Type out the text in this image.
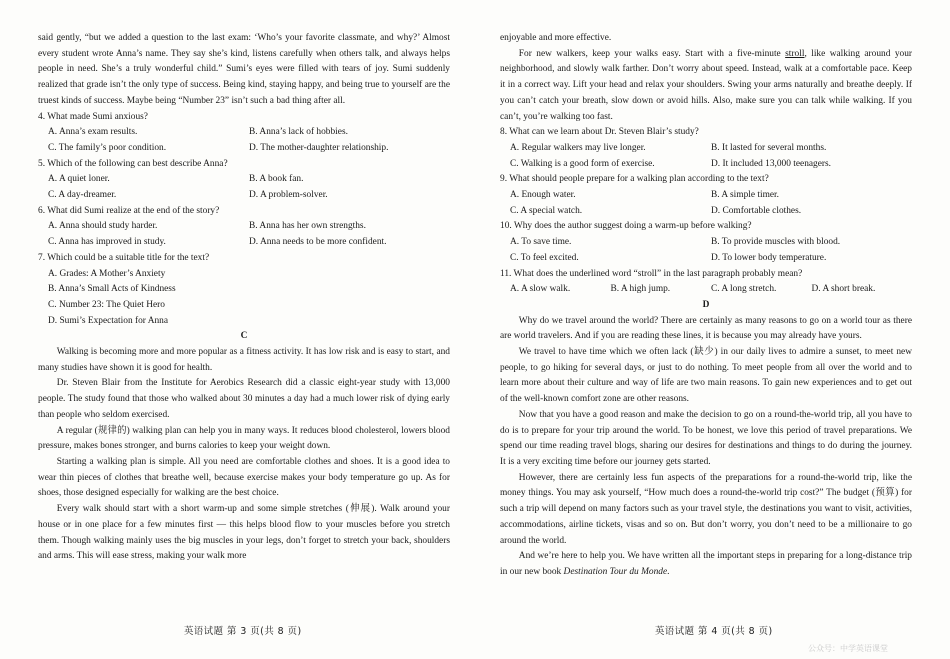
said gently, “but we added a question to the last exam: ‘Who’s your favorite classmate, and why?’ Almost every student wrote Anna’s name. They say she’s kind, listens carefully when others talk, and always helps people in need. She’s a truly wonderful child.” Sumi’s eyes were filled with tears of joy. Sumi suddenly realized that grade isn’t the only type of success. Being kind, staying happy, and being true to yourself are the truest kinds of success. Maybe being “Number 23” isn’t such a bad thing after all.

4. What made Sumi anxious?

A. Anna’s exam results.	B. Anna’s lack of hobbies.
C. The family’s poor condition.	D. The mother-daughter relationship.

5. Which of the following can best describe Anna?

A. A quiet loner.	B. A book fan.
C. A day-dreamer.	D. A problem-solver.

6. What did Sumi realize at the end of the story?

A. Anna should study harder.	B. Anna has her own strengths.
C. Anna has improved in study.	D. Anna needs to be more confident.

7. Which could be a suitable title for the text?

A. Grades: A Mother’s Anxiety
B. Anna’s Small Acts of Kindness
C. Number 23: The Quiet Hero
D. Sumi’s Expectation for Anna

C

Walking is becoming more and more popular as a fitness activity. It has low risk and is easy to start, and many studies have shown it is good for health.

Dr. Steven Blair from the Institute for Aerobics Research did a classic eight-year study with 13,000 people. The study found that those who walked about 30 minutes a day had a much lower risk of dying early than people who seldom exercised.

A regular (规律的) walking plan can help you in many ways. It reduces blood cholesterol, lowers blood pressure, makes bones stronger, and burns calories to keep your weight down.

Starting a walking plan is simple. All you need are comfortable clothes and shoes. It is a good idea to wear thin pieces of clothes that breathe well, because exercise makes your body temperature go up. As for shoes, those designed especially for walking are the best choice.

Every walk should start with a short warm-up and some simple stretches (伸展). Walk around your house or in one place for a few minutes first — this helps blood flow to your muscles before you stretch them. Though walking mainly uses the big muscles in your legs, don’t forget to stretch your back, shoulders and arms. This will ease stress, making your walk more

enjoyable and more effective.

For new walkers, keep your walks easy. Start with a five-minute stroll, like walking around your neighborhood, and slowly walk farther. Don’t worry about speed. Instead, walk at a comfortable pace. Keep it in a correct way. Lift your head and relax your shoulders. Swing your arms naturally and breathe deeply. If you can’t catch your breath, slow down or avoid hills. Also, make sure you can talk while walking. If you can’t, you’re walking too fast.

8. What can we learn about Dr. Steven Blair’s study?

A. Regular walkers may live longer.	B. It lasted for several months.
C. Walking is a good form of exercise.	D. It included 13,000 teenagers.

9. What should people prepare for a walking plan according to the text?

A. Enough water.	B. A simple timer.
C. A special watch.	D. Comfortable clothes.

10. Why does the author suggest doing a warm-up before walking?

A. To save time.	B. To provide muscles with blood.
C. To feel excited.	D. To lower body temperature.

11. What does the underlined word “stroll” in the last paragraph probably mean?

A. A slow walk.	B. A high jump.	C. A long stretch.	D. A short break.

D

Why do we travel around the world? There are certainly as many reasons to go on a world tour as there are world travelers. And if you are reading these lines, it is because you may already have yours.

We travel to have time which we often lack (缺少) in our daily lives to admire a sunset, to meet new people, to go hiking for several days, or just to do nothing. To meet people from all over the world and to learn more about their culture and way of life are two main reasons. To gain new experiences and to get out of the well-known comfort zone are other reasons.

Now that you have a good reason and make the decision to go on a round-the-world trip, all you have to do is to prepare for your trip around the world. To be honest, we love this period of travel preparations. We spend our time reading travel blogs, sharing our desires for destinations and things to do during the journey. It is a very exciting time before our journey gets started.

However, there are certainly less fun aspects of the preparations for a round-the-world trip, like the money things. You may ask yourself, “How much does a round-the-world trip cost?” The budget (预算) for such a trip will depend on many factors such as your travel style, the destinations you want to visit, activities, accommodations, airline tickets, visas and so on. But don’t worry, you don’t need to be a millionaire to go around the world.

And we’re here to help you. We have written all the important steps in preparing for a long-distance trip in our new book Destination Tour du Monde.

英语试题 第 3 页(共 8 页)	英语试题 第 4 页(共 8 页)
公众号：中学英语课堂
